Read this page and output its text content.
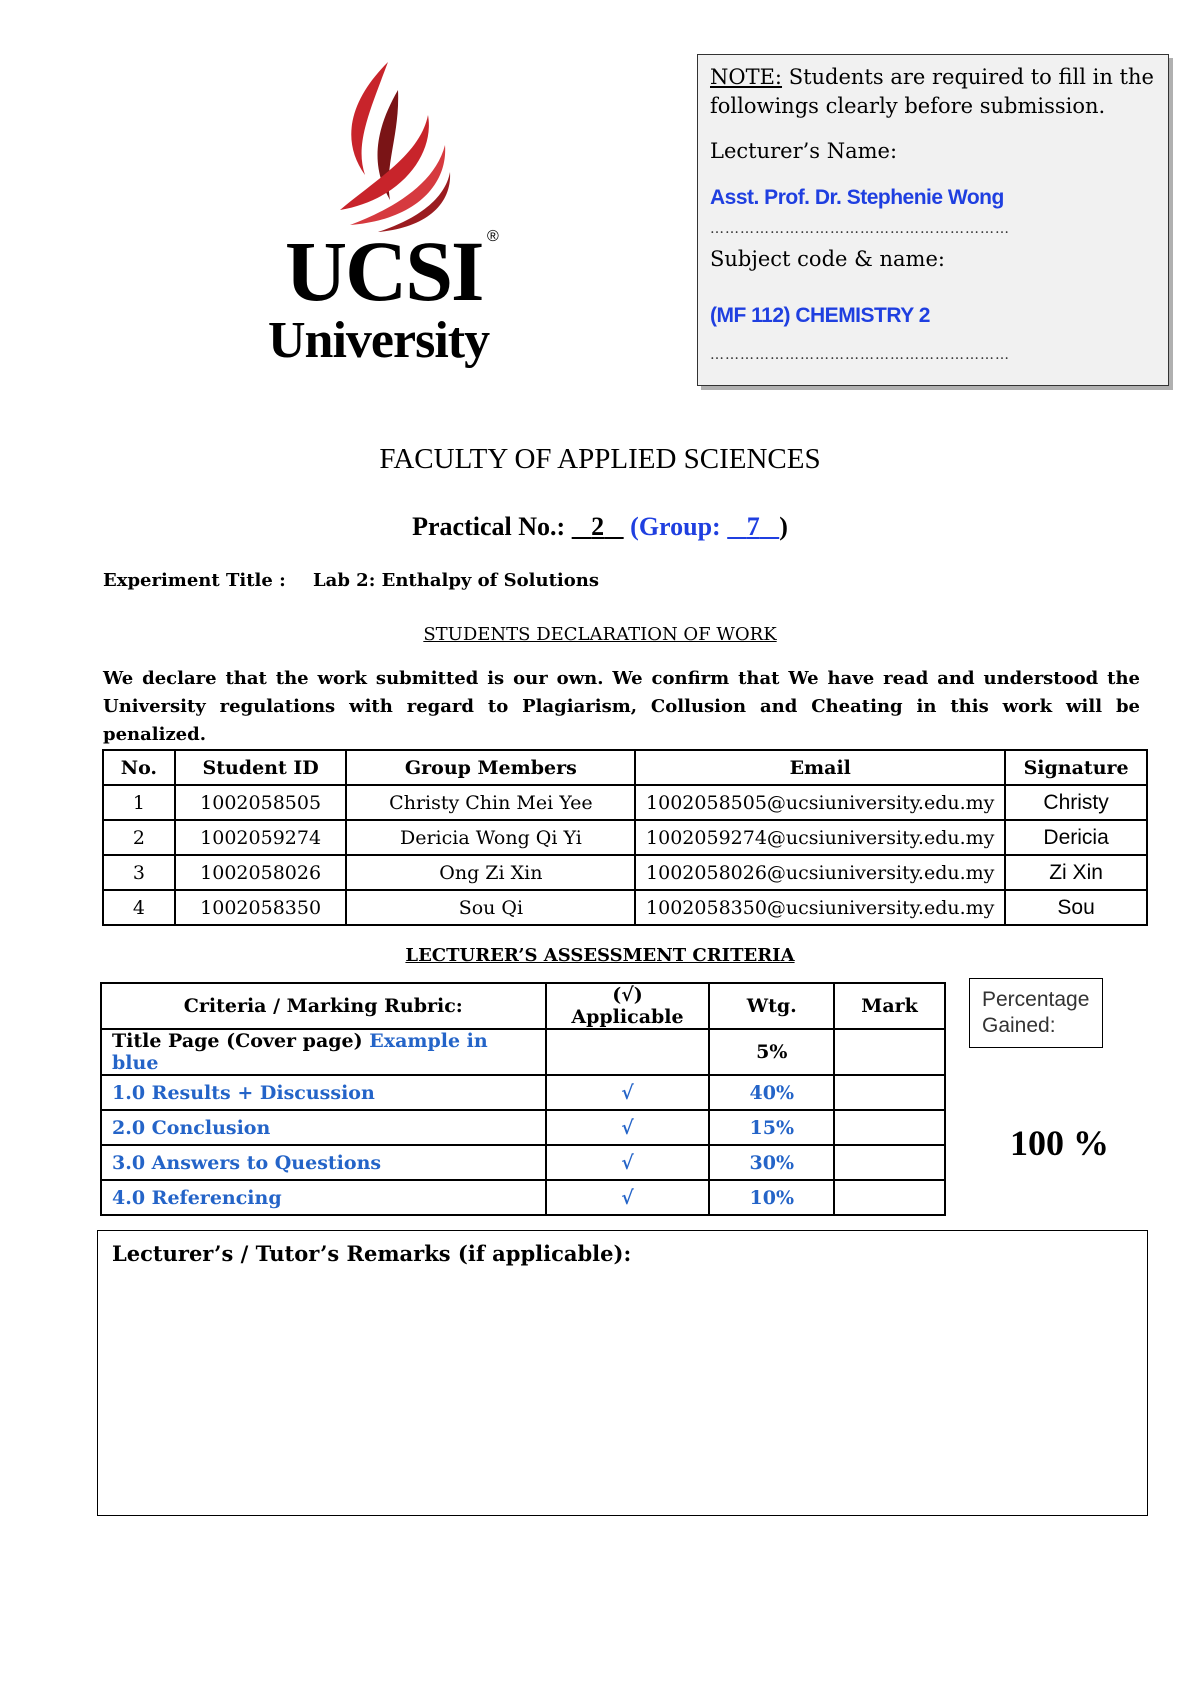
UCSI ®
University
NOTE: Students are required to fill in the followings clearly before submission.
Lecturer’s Name:
Asst. Prof. Dr. Stephenie Wong
……………………………………………………
Subject code & name:
(MF 112) CHEMISTRY 2
……………………………………………………
FACULTY OF APPLIED SCIENCES
Practical No.: 2 (Group: 7 )
Experiment Title : Lab 2: Enthalpy of Solutions
STUDENTS DECLARATION OF WORK
We declare that the work submitted is our own. We confirm that We have read and understood the University regulations with regard to Plagiarism, Collusion and Cheating in this work will be penalized.
No.	Student ID	Group Members	Email	Signature
1	1002058505	Christy Chin Mei Yee	1002058505@ucsiuniversity.edu.my	Christy
2	1002059274	Dericia Wong Qi Yi	1002059274@ucsiuniversity.edu.my	Dericia
3	1002058026	Ong Zi Xin	1002058026@ucsiuniversity.edu.my	Zi Xin
4	1002058350	Sou Qi	1002058350@ucsiuniversity.edu.my	Sou
LECTURER’S ASSESSMENT CRITERIA
Criteria / Marking Rubric:	(√) Applicable	Wtg.	Mark
Title Page (Cover page) Example in blue		5%	
1.0 Results + Discussion	√	40%	
2.0 Conclusion	√	15%	
3.0 Answers to Questions	√	30%	
4.0 Referencing	√	10%	
Percentage Gained:
100 %
Lecturer’s / Tutor’s Remarks (if applicable):
